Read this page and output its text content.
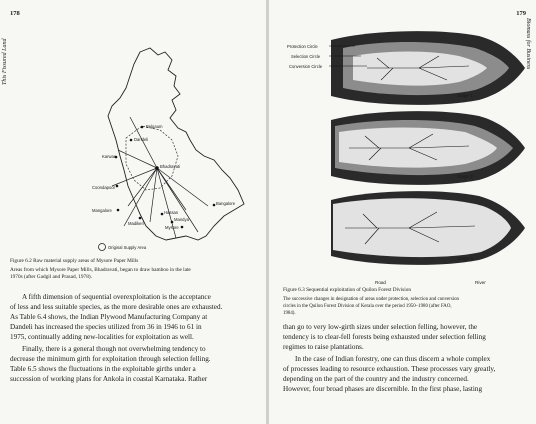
178
This Fissured Land
Belgaum
Dandeli
Karwar
Bhadravati
Coondapoor
Bangalore
Hassan
Mangalore
Mandya
Mysore
Madikeri
Original Supply Area
Figure 6.2 Raw material supply areas of Mysore Paper Mills
Areas from which Mysore Paper Mills, Bhadravati, began to draw bamboo in the late
1970s (after Gadgil and Prasad, 1978).
A fifth dimension of sequential overexploitation is the acceptance
of less and less suitable species, as the more desirable ones are exhausted.
As Table 6.4 shows, the Indian Plywood Manufacturing Company at
Dandeli has increased the species utilized from 36 in 1946 to 61 in
1975, continually adding new-localities for exploitation as well.
Finally, there is a general though not overwhelming tendency to
decrease the minimum girth for exploitation through selection felling.
Table 6.5 shows the fluctuations in the exploitable girths under a
succession of working plans for Ankola in coastal Karnataka. Rather
179
Biomass for Business
Protection Circle
Selection Circle
Conversion Circle
Stage 1
Stage 2
Stage 3
Road	River
Figure 6.3 Sequential exploitation of Quilon Forest Division
The successive changes in designation of areas under protection, selection and conversion
circles in the Quilon Forest Division of Kerala over the period 1950–1980 (after FAO,
1984).
than go to very low-girth sizes under selection felling, however, the
tendency is to clear-fell forests being exhausted under selection felling
regimes to raise plantations.
In the case of Indian forestry, one can thus discern a whole complex
of processes leading to resource exhaustion. These processes vary greatly,
depending on the part of the country and the industry concerned.
However, four broad phases are discernible. In the first phase, lasting
